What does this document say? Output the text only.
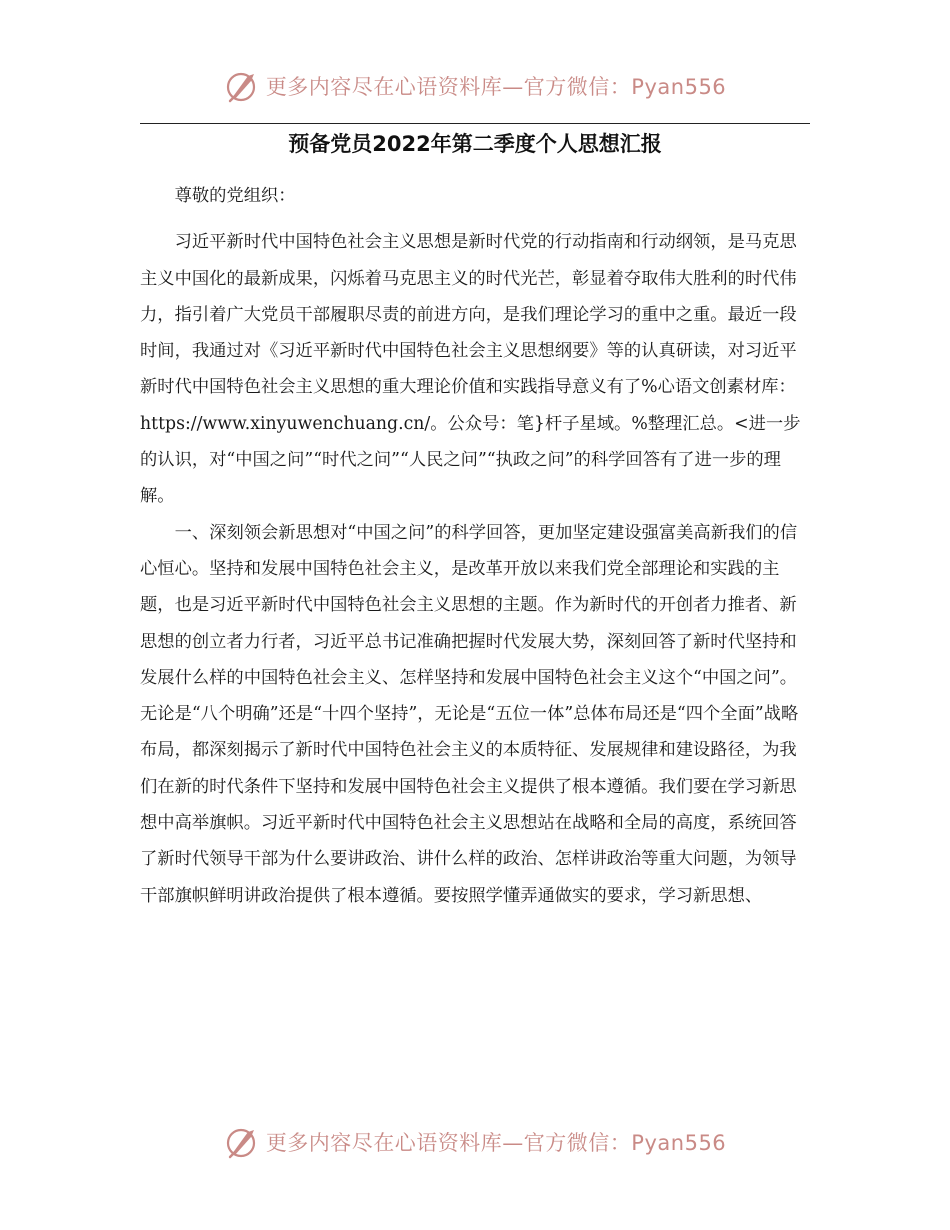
更多内容尽在心语资料库—官方微信：Pyan556
预备党员2022年第二季度个人思想汇报

尊敬的党组织：

习近平新时代中国特色社会主义思想是新时代党的行动指南和行动纲领，是马克思主义中国化的最新成果，闪烁着马克思主义的时代光芒，彰显着夺取伟大胜利的时代伟力，指引着广大党员干部履职尽责的前进方向，是我们理论学习的重中之重。最近一段时间，我通过对《习近平新时代中国特色社会主义思想纲要》等的认真研读，对习近平新时代中国特色社会主义思想的重大理论价值和实践指导意义有了%心语文创素材库：https://www.xinyuwenchuang.cn/。公众号：笔}杆子星域。%整理汇总。<进一步的认识，对“中国之问”“时代之问”“人民之问”“执政之问”的科学回答有了进一步的理解。

一、深刻领会新思想对“中国之问”的科学回答，更加坚定建设强富美高新我们的信心恒心。坚持和发展中国特色社会主义，是改革开放以来我们党全部理论和实践的主题，也是习近平新时代中国特色社会主义思想的主题。作为新时代的开创者力推者、新思想的创立者力行者，习近平总书记准确把握时代发展大势，深刻回答了新时代坚持和发展什么样的中国特色社会主义、怎样坚持和发展中国特色社会主义这个“中国之问”。无论是“八个明确”还是“十四个坚持”，无论是“五位一体”总体布局还是“四个全面”战略布局，都深刻揭示了新时代中国特色社会主义的本质特征、发展规律和建设路径，为我们在新的时代条件下坚持和发展中国特色社会主义提供了根本遵循。我们要在学习新思想中高举旗帜。习近平新时代中国特色社会主义思想站在战略和全局的高度，系统回答了新时代领导干部为什么要讲政治、讲什么样的政治、怎样讲政治等重大问题，为领导干部旗帜鲜明讲政治提供了根本遵循。要按照学懂弄通做实的要求，学习新思想、

更多内容尽在心语资料库—官方微信：Pyan556
